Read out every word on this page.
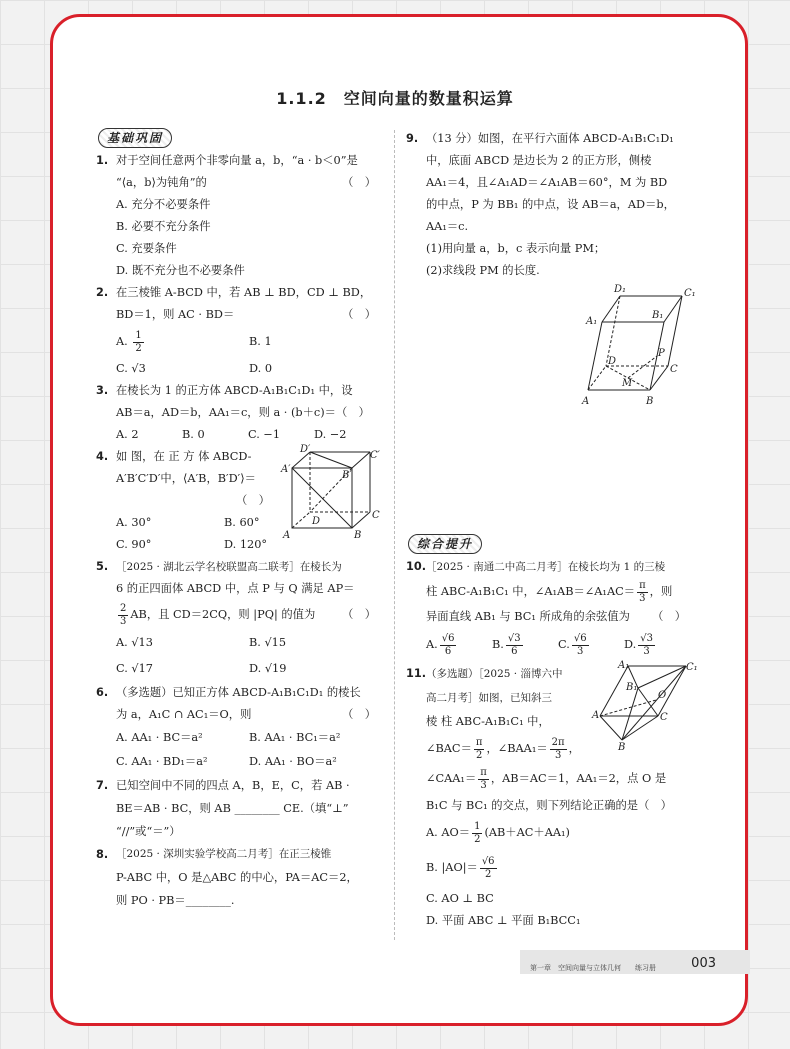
1.1.2　空间向量的数量积运算
基础巩固
1. 对于空间任意两个非零向量 a，b，“a · b＜0”是
（　）
“⟨a，b⟩为钝角”的
A. 充分不必要条件
B. 必要不充分条件
C. 充要条件
D. 既不充分也不必要条件
2. 在三棱锥 A-BCD 中，若 AB ⊥ BD，CD ⊥ BD，
（　）
BD＝1，则 AC · BD＝
A. $\frac{1}{2}$	B. 1
C. √3	D. 0
3. 在棱长为 1 的正方体 ABCD-A₁B₁C₁D₁ 中，设
AB＝a，AD＝b，AA₁＝c，则 a · (b＋c)＝（　）
A. 2	B. 0	C. −1	D. −2
4. 如 图，在 正 方 体 ABCD-
A′B′C′D′中，⟨A′B，B′D′⟩＝
（　）
D′
C′
A′
B′
D
C
A	B
A. 30°	B. 60°
C. 90°	D. 120°
5. ［2025 · 湖北云学名校联盟高二联考］在棱长为
6 的正四面体 ABCD 中，点 P 与 Q 满足 AP＝
（　）
$\frac{2}{3}$ AB，且 CD＝2CQ，则 |PQ| 的值为
A. √13	B. √15
C. √17	D. √19
6. （多选题）已知正方体 ABCD-A₁B₁C₁D₁ 的棱长
（　）
为 a，A₁C ∩ AC₁＝O，则
A. AA₁ · BC＝a²	B. AA₁ · BC₁＝a²
C. AA₁ · BD₁＝a²	D. AA₁ · BO＝a²
7. 已知空间中不同的四点 A，B，E，C，若 AB ·
BE＝AB · BC，则 AB ________ CE.（填“⊥”
“//”或“＝”）
8. ［2025 · 深圳实验学校高二月考］在正三棱锥
P-ABC 中，O 是△ABC 的中心，PA＝AC＝2，
则 PO · PB＝________.
9. （13 分）如图，在平行六面体 ABCD-A₁B₁C₁D₁
中，底面 ABCD 是边长为 2 的正方形，侧棱
AA₁＝4，且∠A₁AD＝∠A₁AB＝60°，M 为 BD
的中点，P 为 BB₁ 的中点，设 AB＝a，AD＝b，
AA₁＝c.
(1)用向量 a，b，c 表示向量 PM；
(2)求线段 PM 的长度.
D₁	C₁
A₁
B₁
D
P
C
M
A	B
综合提升
10. ［2025 · 南通二中高二月考］在棱长均为 1 的三棱
柱 ABC-A₁B₁C₁ 中，∠A₁AB＝∠A₁AC＝ $\frac{\pi}{3}$ ，则
（　）
异面直线 AB₁ 与 BC₁ 所成角的余弦值为
A. $\frac{√6}{6}$	B. $\frac{√3}{6}$	C. $\frac{√6}{3}$	D. $\frac{√3}{3}$
11. （多选题）［2025 · 淄博六中
高二月考］如图，已知斜三
棱 柱 ABC-A₁B₁C₁ 中，
∠BAC＝ $\frac{\pi}{2}$ ，∠BAA₁＝ $\frac{2\pi}{3}$ ，
∠CAA₁＝ $\frac{\pi}{3}$ ，AB＝AC＝1，AA₁＝2，点 O 是
B₁C 与 BC₁ 的交点，则下列结论正确的是（　）
A₁	C₁
B₁
O
A	C
B
A. $AO= \frac{1}{2} (AB+AC+AA_1)$
B. $|AO|= \frac{√6}{2}$
C. AO ⊥ BC
D. 平面 ABC ⊥ 平面 B₁BCC₁
第一章　空间向量与立体几何　　练习册	003
